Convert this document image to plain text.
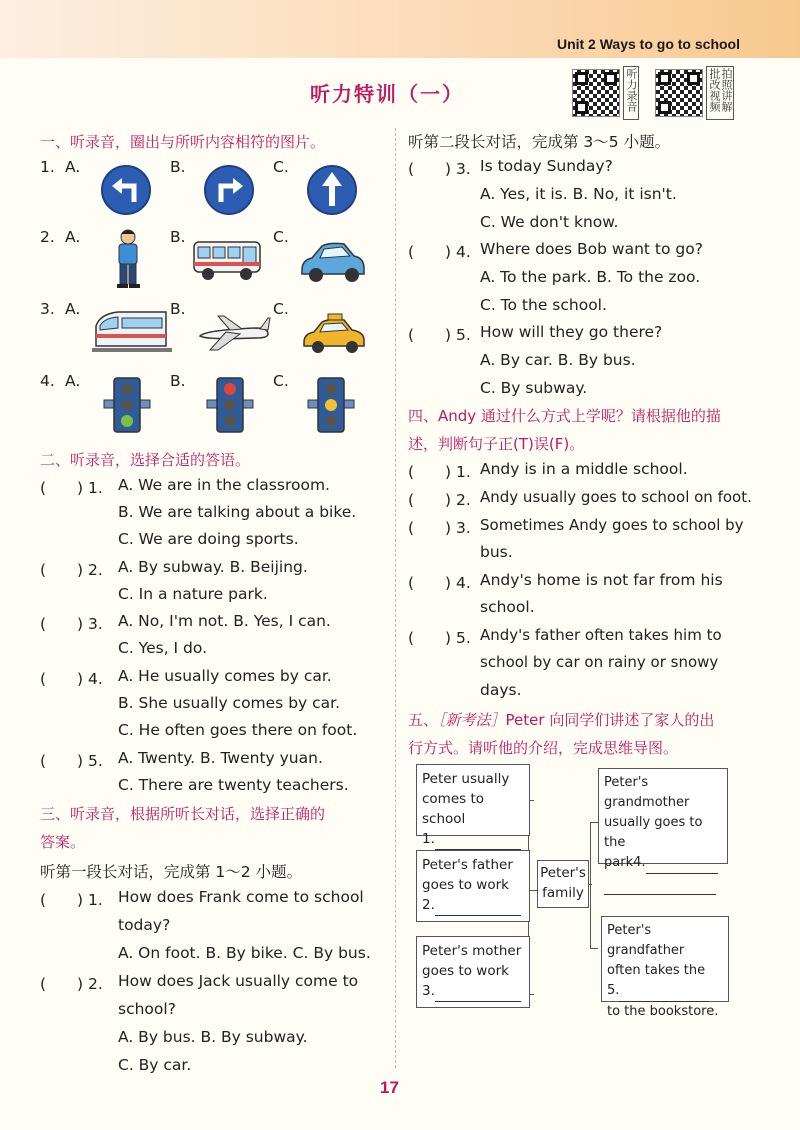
Unit 2 Ways to go to school
听力特训（一）	听力录音	拍照讲解批改视频
一、听录音，圈出与所听内容相符的图片。
1. A.	B.	C.
2. A.	B.	C.
3. A.	B.	C.
4. A.	B.	C.
二、听录音，选择合适的答语。
(　　) 1. A. We are in the classroom.
B. We are talking about a bike.
C. We are doing sports.
(　　) 2. A. By subway. B. Beijing.
C. In a nature park.
(　　) 3. A. No, I'm not. B. Yes, I can.
C. Yes, I do.
(　　) 4. A. He usually comes by car.
B. She usually comes by car.
C. He often goes there on foot.
(　　) 5. A. Twenty. B. Twenty yuan.
C. There are twenty teachers.
三、听录音，根据所听长对话，选择正确的
答案。
听第一段长对话，完成第 1～2 小题。
(　　) 1. How does Frank come to school
today?
A. On foot. B. By bike. C. By bus.
(　　) 2. How does Jack usually come to
school?
A. By bus. B. By subway.
C. By car.
听第二段长对话，完成第 3～5 小题。
(　　) 3. Is today Sunday?
A. Yes, it is. B. No, it isn't.
C. We don't know.
(　　) 4. Where does Bob want to go?
A. To the park. B. To the zoo.
C. To the school.
(　　) 5. How will they go there?
A. By car. B. By bus.
C. By subway.
四、Andy 通过什么方式上学呢？请根据他的描
述，判断句子正(T)误(F)。
(　　) 1. Andy is in a middle school.
(　　) 2. Andy usually goes to school on foot.
(　　) 3. Sometimes Andy goes to school by
bus.
(　　) 4. Andy's home is not far from his
school.
(　　) 5. Andy's father often takes him to
school by car on rainy or snowy
days.
五、［新考法］Peter 向同学们讲述了家人的出
行方式。请听他的介绍，完成思维导图。
Peter usually
comes to school
1.
Peter's father
goes to work
2.
Peter's mother
goes to work
3.
Peter's family
Peter's grandmother
usually goes to the
park4.

Peter's grandfather
often takes the
5.
to the bookstore.
17
